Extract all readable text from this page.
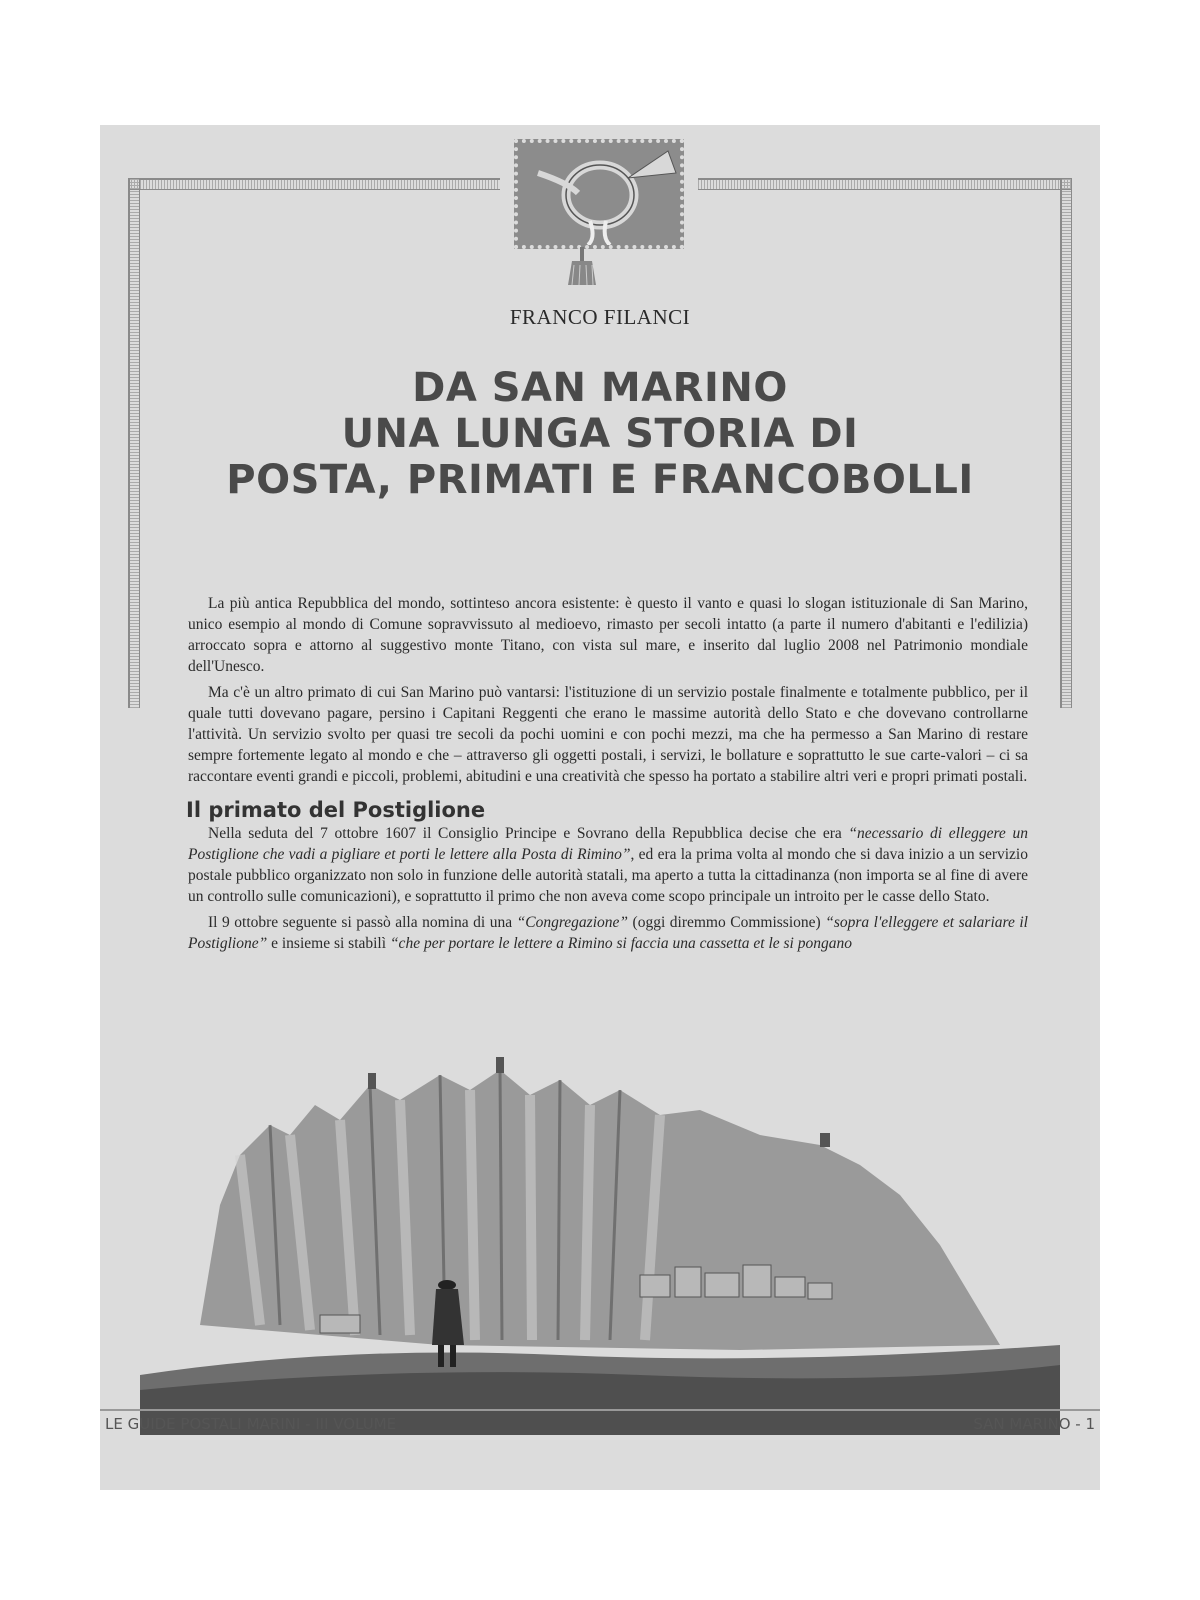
FRANCO FILANCI
DA SAN MARINO
UNA LUNGA STORIA DI
POSTA, PRIMATI E FRANCOBOLLI

La più antica Repubblica del mondo, sottinteso ancora esistente: è questo il vanto e quasi lo slogan istituzionale di San Marino, unico esempio al mondo di Comune sopravvissuto al medioevo, rimasto per secoli intatto (a parte il numero d'abitanti e l'edilizia) arroccato sopra e attorno al suggestivo monte Titano, con vista sul mare, e inserito dal luglio 2008 nel Patrimonio mondiale dell'Unesco.

Ma c'è un altro primato di cui San Marino può vantarsi: l'istituzione di un servizio postale finalmente e totalmente pubblico, per il quale tutti dovevano pagare, persino i Capitani Reggenti che erano le massime autorità dello Stato e che dovevano controllarne l'attività. Un servizio svolto per quasi tre secoli da pochi uomini e con pochi mezzi, ma che ha permesso a San Marino di restare sempre fortemente legato al mondo e che – attraverso gli oggetti postali, i servizi, le bollature e soprattutto le sue carte-valori – ci sa raccontare eventi grandi e piccoli, problemi, abitudini e una creatività che spesso ha portato a stabilire altri veri e propri primati postali.

Il primato del Postiglione

Nella seduta del 7 ottobre 1607 il Consiglio Principe e Sovrano della Repubblica decise che era “necessario di elleggere un Postiglione che vadi a pigliare et porti le lettere alla Posta di Rimino”, ed era la prima volta al mondo che si dava inizio a un servizio postale pubblico organizzato non solo in funzione delle autorità statali, ma aperto a tutta la cittadinanza (non importa se al fine di avere un controllo sulle comunicazioni), e soprattutto il primo che non aveva come scopo principale un introito per le casse dello Stato.

Il 9 ottobre seguente si passò alla nomina di una “Congregazione” (oggi diremmo Commissione) “sopra l'elleggere et salariare il Postiglione” e insieme si stabilì “che per portare le lettere a Rimino si faccia una cassetta et le si pongano

LE GUIDE POSTALI MARINI - III VOLUME	SAN MARINO - 1
